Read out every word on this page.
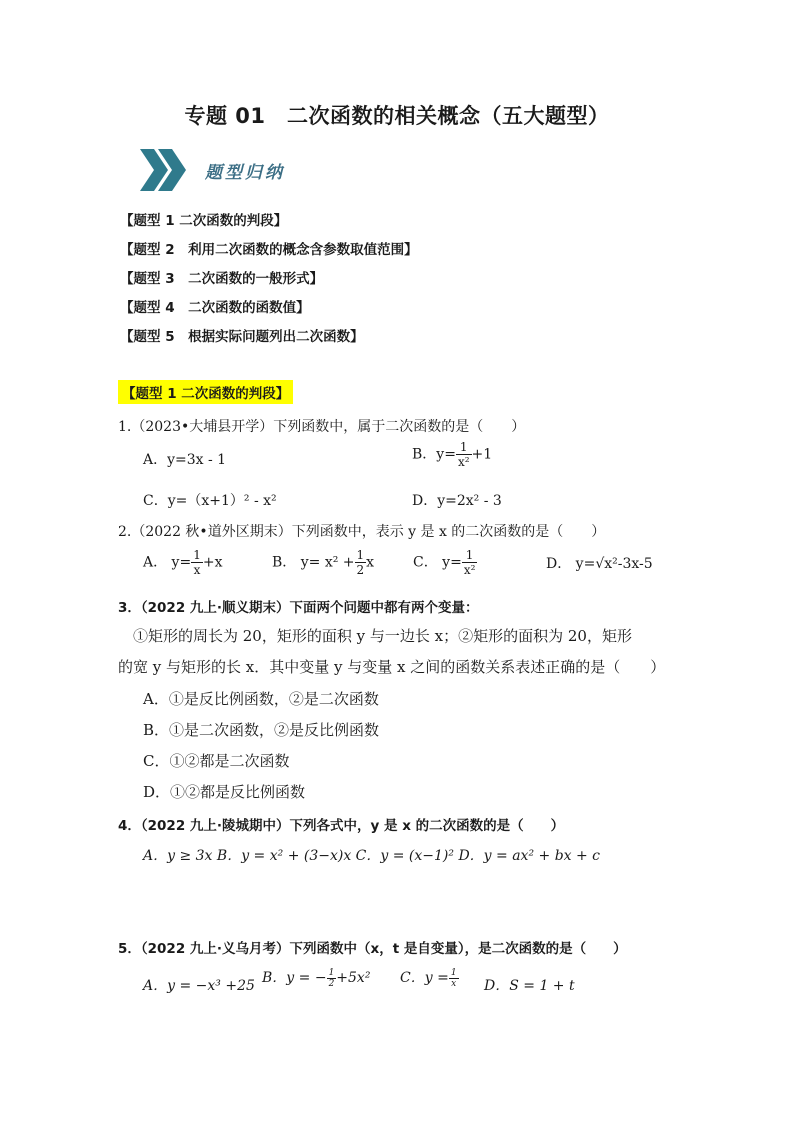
专题 01　二次函数的相关概念（五大题型）
题型归纳
【题型 1 二次函数的判段】
【题型 2　利用二次函数的概念含参数取值范围】
【题型 3　二次函数的一般形式】
【题型 4　二次函数的函数值】
【题型 5　根据实际问题列出二次函数】
【题型 1 二次函数的判段】
1.（2023•大埔县开学）下列函数中，属于二次函数的是（　　）
A．y=3x - 1	B．$y= \frac{1}{\text{x²}} +1$
C．y=（x+1）² - x²	D．y=2x² - 3
2.（2022 秋•道外区期末）下列函数中，表示 y 是 x 的二次函数的是（　　）
A． $y= \frac{1}{x} +x$	B． $y= x^2 + \frac{1}{2}$ x	C． $y= \frac{1}{\text{x²}}$	D． y=√x²-3x-5
3．（2022 九上·顺义期末）下面两个问题中都有两个变量：
①矩形的周长为 20，矩形的面积 y 与一边长 x；②矩形的面积为 20，矩形
的宽 y 与矩形的长 x．其中变量 y 与变量 x 之间的函数关系表述正确的是（　　）
A．①是反比例函数，②是二次函数
B．①是二次函数，②是反比例函数
C．①②都是二次函数
D．①②都是反比例函数
4．（2022 九上·陵城期中）下列各式中，y 是 x 的二次函数的是（　　）
A．y ≥ 3x B．y = x² + (3−x)x C．y = (x−1)² D．y = ax² + bx + c
5．（2022 九上·义乌月考）下列函数中（x，t 是自变量），是二次函数的是（　　）
A．y = −x³ +25 B．y = − $\frac{1}{2} +5x^2$ C．$y = \frac{1}{x}$ D．S = 1 + t
